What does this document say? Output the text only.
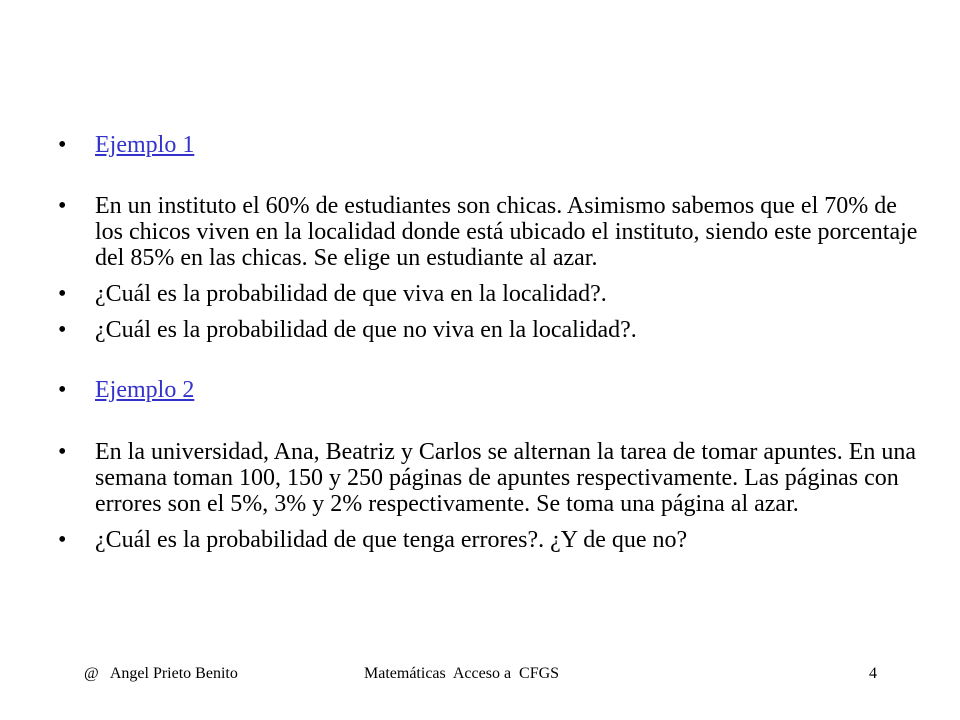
•	Ejemplo 1
•	En un instituto el 60% de estudiantes son chicas. Asimismo sabemos que el 70% de los chicos viven en la localidad donde está ubicado el instituto, siendo este porcentaje del 85% en las chicas. Se elige un estudiante al azar.
•	¿Cuál es la probabilidad de que viva en la localidad?.
•	¿Cuál es la probabilidad de que no viva en la localidad?.
•	Ejemplo 2
•	En la universidad, Ana, Beatriz y Carlos se alternan la tarea de tomar apuntes. En una semana toman 100, 150 y 250 páginas de apuntes respectivamente. Las páginas con errores son el 5%, 3% y 2% respectivamente. Se toma una página al azar.
•	¿Cuál es la probabilidad de que tenga errores?. ¿Y de que no?
@   Angel Prieto Benito	Matemáticas  Acceso a  CFGS	4
